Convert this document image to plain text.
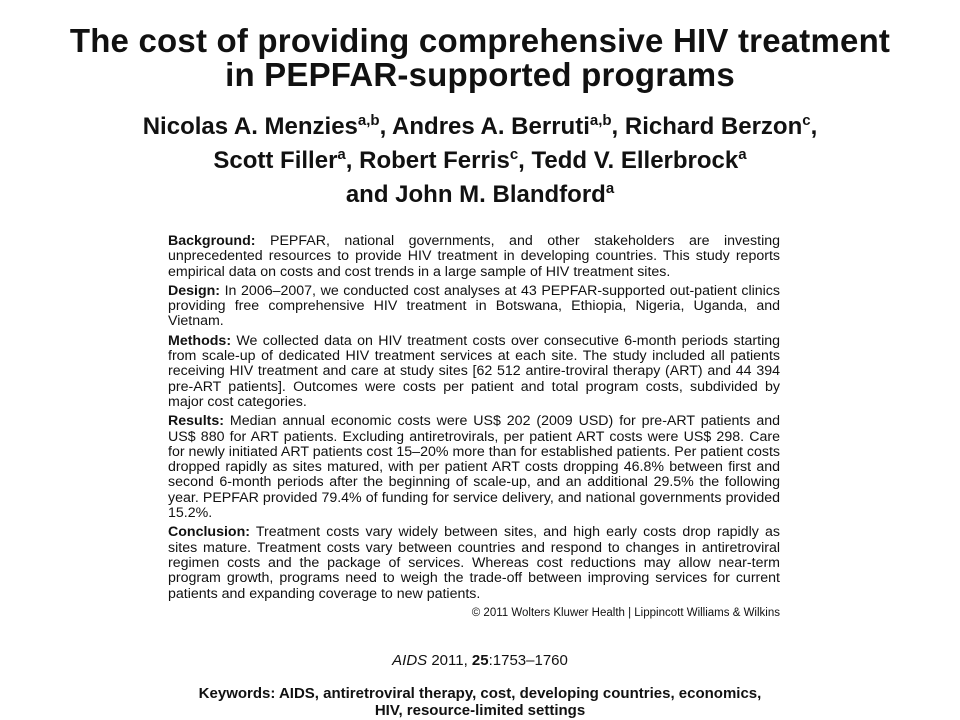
The cost of providing comprehensive HIV treatment
in PEPFAR-supported programs
Nicolas A. Menzies$^{a,b}$, Andres A. Berruti$^{a,b}$, Richard Berzon$^c$,
Scott Filler$^a$, Robert Ferris$^c$, Tedd V. Ellerbrock$^a$
and John M. Blandford$^a$

Background: PEPFAR, national governments, and other stakeholders are investing unprecedented resources to provide HIV treatment in developing countries. This study reports empirical data on costs and cost trends in a large sample of HIV treatment sites.

Design: In 2006–2007, we conducted cost analyses at 43 PEPFAR-supported out-patient clinics providing free comprehensive HIV treatment in Botswana, Ethiopia, Nigeria, Uganda, and Vietnam.

Methods: We collected data on HIV treatment costs over consecutive 6-month periods starting from scale-up of dedicated HIV treatment services at each site. The study included all patients receiving HIV treatment and care at study sites [62 512 antire-troviral therapy (ART) and 44 394 pre-ART patients]. Outcomes were costs per patient and total program costs, subdivided by major cost categories.

Results: Median annual economic costs were US$ 202 (2009 USD) for pre-ART patients and US$ 880 for ART patients. Excluding antiretrovirals, per patient ART costs were US$ 298. Care for newly initiated ART patients cost 15–20% more than for established patients. Per patient costs dropped rapidly as sites matured, with per patient ART costs dropping 46.8% between first and second 6-month periods after the beginning of scale-up, and an additional 29.5% the following year. PEPFAR provided 79.4% of funding for service delivery, and national governments provided 15.2%.

Conclusion: Treatment costs vary widely between sites, and high early costs drop rapidly as sites mature. Treatment costs vary between countries and respond to changes in antiretroviral regimen costs and the package of services. Whereas cost reductions may allow near-term program growth, programs need to weigh the trade-off between improving services for current patients and expanding coverage to new patients.

© 2011 Wolters Kluwer Health | Lippincott Williams & Wilkins
AIDS 2011, 25:1753–1760
Keywords: AIDS, antiretroviral therapy, cost, developing countries, economics,
HIV, resource-limited settings
